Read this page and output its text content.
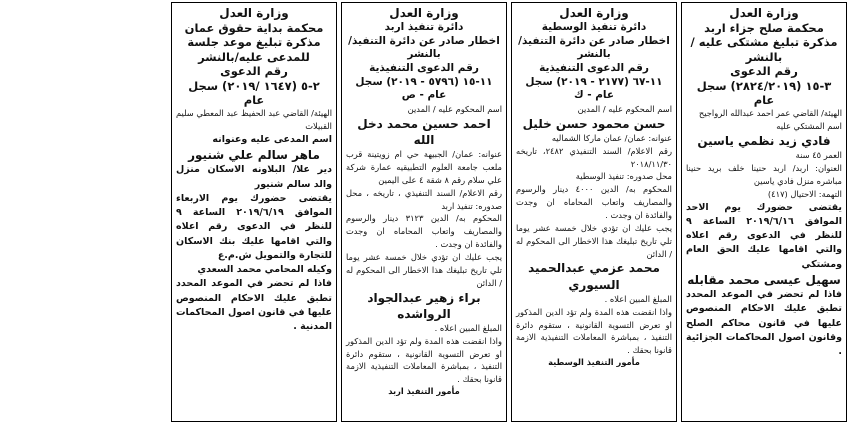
وزارة العدل
محكمة صلح جزاء اربد
مذكرة تبليغ مشتكى عليه / بالنشر
رقم الدعوى
٣-١٥ (٢٨٢٤/٢٠١٩) سجل عام
الهيئة/ القاضي عمر احمد عبدالله الرواجيح
اسم المشتكي عليه
فادي زيد نظمي ياسين
العمر ٤٥ سنة
العنوان: اربد/ اربد حنينا خلف بريد حنينا مباشره منزل فادي ياسين
التهمة: الاحتيال (٤١٧)
يقتضى حضورك يوم الاحد الموافق ٢٠١٩/٦/١٦ الساعة ٩ للنظر في الدعوى رقم اعلاه والتي اقامها عليك الحق العام ومشتكي
سهيل عيسى محمد مقابله
فاذا لم تحضر في الموعد المحدد تطبق عليك الاحكام المنصوص عليها في قانون محاكم الصلح وقانون اصول المحاكمات الجزائية .
وزارة العدل
دائرة تنفيذ الوسطية
اخطار صادر عن دائرة التنفيذ/بالنشر
رقم الدعوى التنفيذية
١١-٦٧ (٢١٧٧ - ٢٠١٩) سجل عام - ك
اسم المحكوم عليه / المدين
حسن محمود حسن خليل
عنوانه: عمان/ عمان ماركا الشماليه
رقم الاعلام/ السند التنفيذي ٢٤٨٢، تاريخه ٢٠١٨/١١/٣٠
محل صدوره: تنفيذ الوسطية
المحكوم به/ الدين ٤٠٠٠ دينار والرسوم والمصاريف واتعاب المحاماه ان وجدت والفائدة ان وجدت .
يجب عليك ان تؤدي خلال خمسة عشر يوما تلي تاريخ تبليغك هذا الاخطار الى المحكوم له / الدائن
محمد عزمي عبدالحميد السيوري
المبلغ المبين اعلاه .
واذا انقضت هذه المدة ولم تؤد الدين المذكور او تعرض التسوية القانونية ، ستقوم دائرة التنفيذ ، بمباشرة المعاملات التنفيذية الازمة قانونا بحقك .
مأمور التنفيذ الوسطية
وزارة العدل
دائرة تنفيذ اربد
اخطار صادر عن دائرة التنفيذ/بالنشر
رقم الدعوى التنفيذية
١١-١٥ (٥٧٩٦ - ٢٠١٩) سجل عام - ص
اسم المحكوم عليه / المدين
احمد حسين محمد دخل الله
عنوانه: عمان/ الجبيهة حي ام زويتينة قرب ملعب جامعة العلوم التطبيقيه عمارة شركة علي سلام رقم ٨ شقة ٤ على اليمين
رقم الاعلام/ السند التنفيذي ، تاريخه ، محل صدوره: تنفيذ اربد
المحكوم به/ الدين ٣١٢٣ دينار والرسوم والمصاريف واتعاب المحاماه ان وجدت والفائدة ان وجدت .
يجب عليك ان تؤدي خلال خمسة عشر يوما تلي تاريخ تبليغك هذا الاخطار الى المحكوم له / الدائن
براء زهير عبدالجواد الرواشده
المبلغ المبين اعلاه .
واذا انقضت هذه المدة ولم تؤد الدين المذكور او تعرض التسوية القانونية ، ستقوم دائرة التنفيذ ، بمباشرة المعاملات التنفيذية الازمة قانونا بحقك .
مأمور التنفيذ اربد
وزارة العدل
محكمة بداية حقوق عمان
مذكرة تبليغ موعد جلسة للمدعى عليه/بالنشر
رقم الدعوى
٢-٥ (١٦٤٧ /٢٠١٩) سجل عام
الهيئة/ القاضي عبد الحفيظ عبد المعطي سليم القبيلات
اسم المدعى عليه وعنوانه
ماهر سالم علي شنيور
دير علا/ البلاونه الاسكان منزل والد سالم شنيور
يقتضى حضورك يوم الاربعاء الموافق ٢٠١٩/٦/١٩ الساعة ٩ للنظر في الدعوى رقم اعلاه والتي اقامها عليك بنك الاسكان للتجارة والتمويل ش.م.ع
وكيله المحامي محمد السعدي
فاذا لم تحضر في الموعد المحدد تطبق عليك الاحكام المنصوص عليها في قانون اصول المحاكمات المدنية .
